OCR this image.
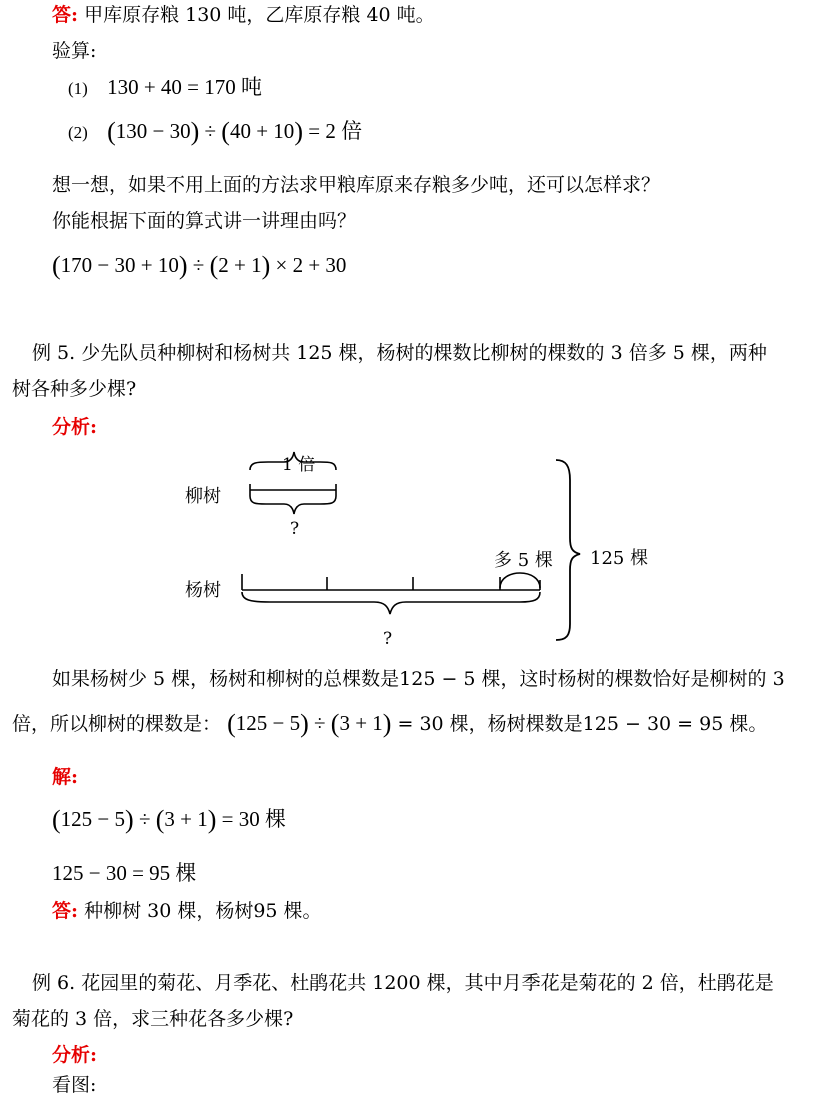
答: 甲库原存粮 130 吨，乙库原存粮 40 吨。
验算:
(1) 130 + 40 = 170 吨
(2) (130 − 30) ÷ (40 + 10) = 2 倍
想一想，如果不用上面的方法求甲粮库原来存粮多少吨，还可以怎样求？
你能根据下面的算式讲一讲理由吗？
(170 − 30 + 10) ÷ (2 + 1) × 2 + 30
例 5. 少先队员种柳树和杨树共 125 棵，杨树的棵数比柳树的棵数的 3 倍多 5 棵，两种
树各种多少棵?
分析:
柳树
1 倍
?
杨树
多 5 棵
?
125 棵
如果杨树少 5 棵，杨树和柳树的总棵数是125 − 5 棵，这时杨树的棵数恰好是柳树的 3
倍，所以柳树的棵数是： (125 − 5) ÷ (3 + 1) = 30 棵，杨树棵数是125 − 30 = 95 棵。
解:
(125 − 5) ÷ (3 + 1) = 30 棵
125 − 30 = 95 棵
答: 种柳树 30 棵，杨树95 棵。
例 6. 花园里的菊花、月季花、杜鹃花共 1200 棵，其中月季花是菊花的 2 倍，杜鹃花是
菊花的 3 倍，求三种花各多少棵?
分析:
看图:
